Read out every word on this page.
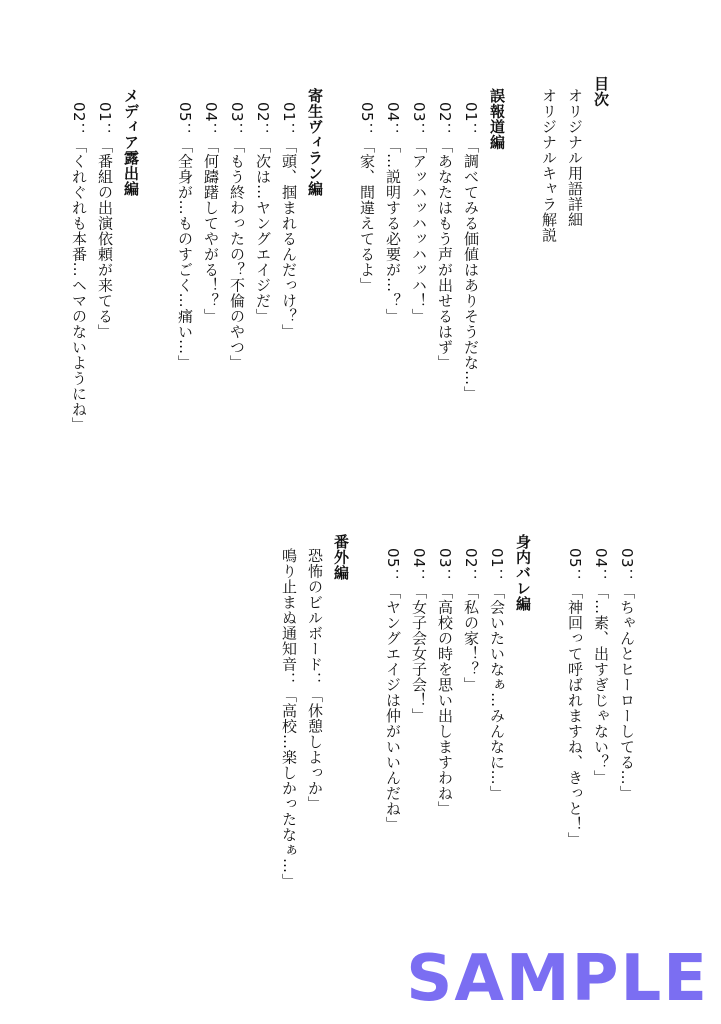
目次
オリジナル用語詳細
オリジナルキャラ解説
誤報道編
01：「調べてみる価値はありそうだな…」
02：「あなたはもう声が出せるはず」
03：「アッハッハッハッハ！」
04：「…説明する必要が…？」
05：「家、間違えてるよ」
寄生ヴィラン編
01：「頭、掴まれるんだっけ？」
02：「次は…ヤングエイジだ」
03：「もう終わったの？不倫のやつ」
04：「何躊躇してやがる！？」
05：「全身が…ものすごく…痛い…」
メディア露出編
01：「番組の出演依頼が来てる」
02：「くれぐれも本番…ヘマのないようにね」
03：「ちゃんとヒーローしてる…」
04：「…素、出すぎじゃない？」
05：「神回って呼ばれますね、きっと！」
身内バレ編
01：「会いたいなぁ…みんなに…」
02：「私の家！？」
03：「高校の時を思い出しますわね」
04：「女子会女子会！」
05：「ヤングエイジは仲がいいんだね」
番外編
恐怖のビルボード：「休憩しよっか」
鳴り止まぬ通知音：「高校…楽しかったなぁ…」
SAMPLE
